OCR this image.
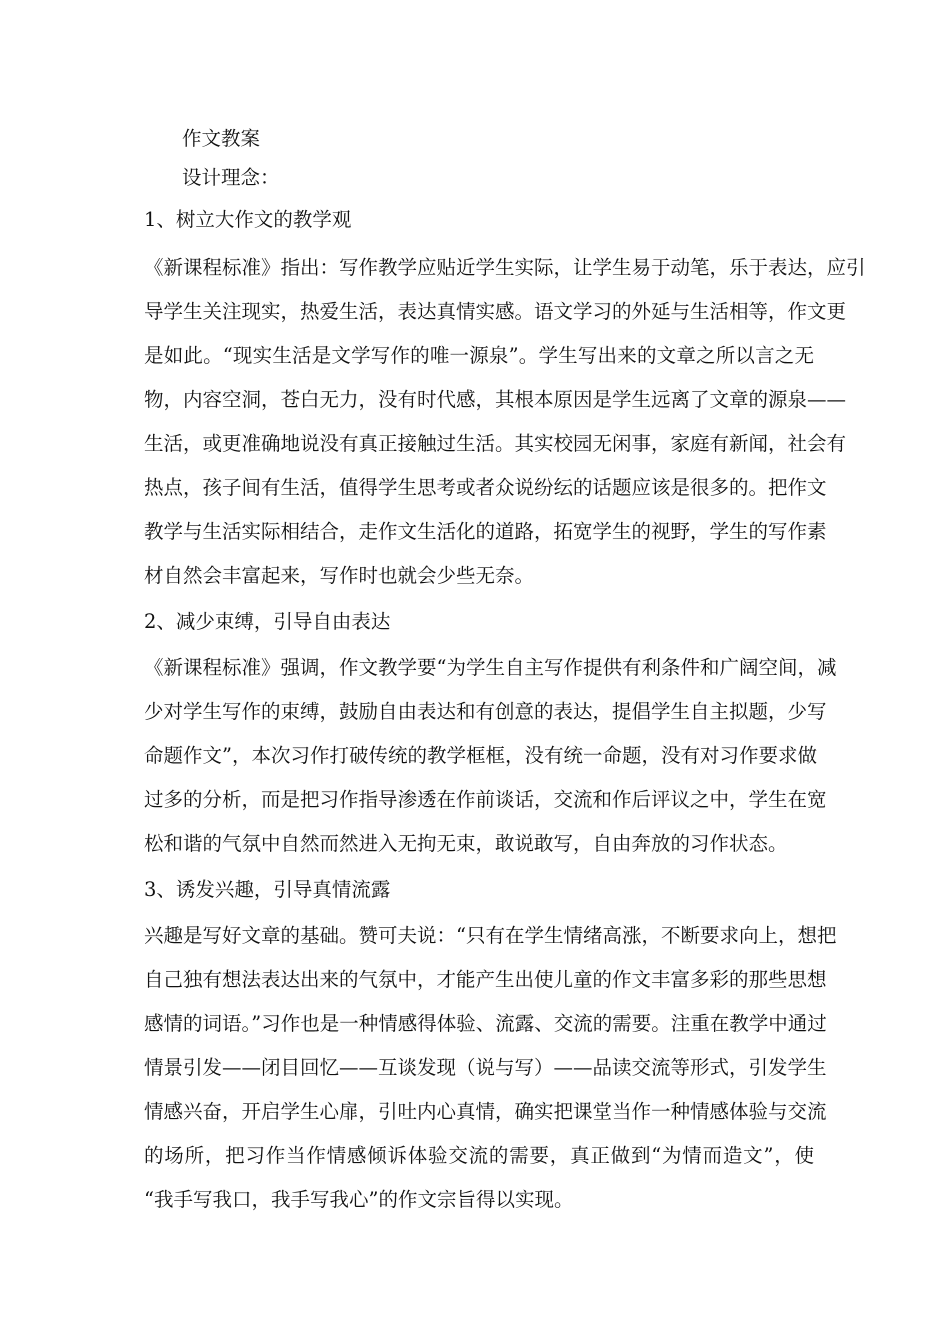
作文教案
设计理念：
1、树立大作文的教学观
《新课程标准》指出：写作教学应贴近学生实际，让学生易于动笔，乐于表达，应引
导学生关注现实，热爱生活，表达真情实感。语文学习的外延与生活相等，作文更
是如此。“现实生活是文学写作的唯一源泉”。学生写出来的文章之所以言之无
物，内容空洞，苍白无力，没有时代感，其根本原因是学生远离了文章的源泉——
生活，或更准确地说没有真正接触过生活。其实校园无闲事，家庭有新闻，社会有
热点，孩子间有生活，值得学生思考或者众说纷纭的话题应该是很多的。把作文
教学与生活实际相结合，走作文生活化的道路，拓宽学生的视野，学生的写作素
材自然会丰富起来，写作时也就会少些无奈。
2、减少束缚，引导自由表达
《新课程标准》强调，作文教学要“为学生自主写作提供有利条件和广阔空间，减
少对学生写作的束缚，鼓励自由表达和有创意的表达，提倡学生自主拟题，少写
命题作文”，本次习作打破传统的教学框框，没有统一命题，没有对习作要求做
过多的分析，而是把习作指导渗透在作前谈话，交流和作后评议之中，学生在宽
松和谐的气氛中自然而然进入无拘无束，敢说敢写，自由奔放的习作状态。
3、诱发兴趣，引导真情流露
兴趣是写好文章的基础。赞可夫说：“只有在学生情绪高涨，不断要求向上，想把
自己独有想法表达出来的气氛中，才能产生出使儿童的作文丰富多彩的那些思想
感情的词语。”习作也是一种情感得体验、流露、交流的需要。注重在教学中通过
情景引发——闭目回忆——互谈发现（说与写）——品读交流等形式，引发学生
情感兴奋，开启学生心扉，引吐内心真情，确实把课堂当作一种情感体验与交流
的场所，把习作当作情感倾诉体验交流的需要，真正做到“为情而造文”，使
“我手写我口，我手写我心”的作文宗旨得以实现。
